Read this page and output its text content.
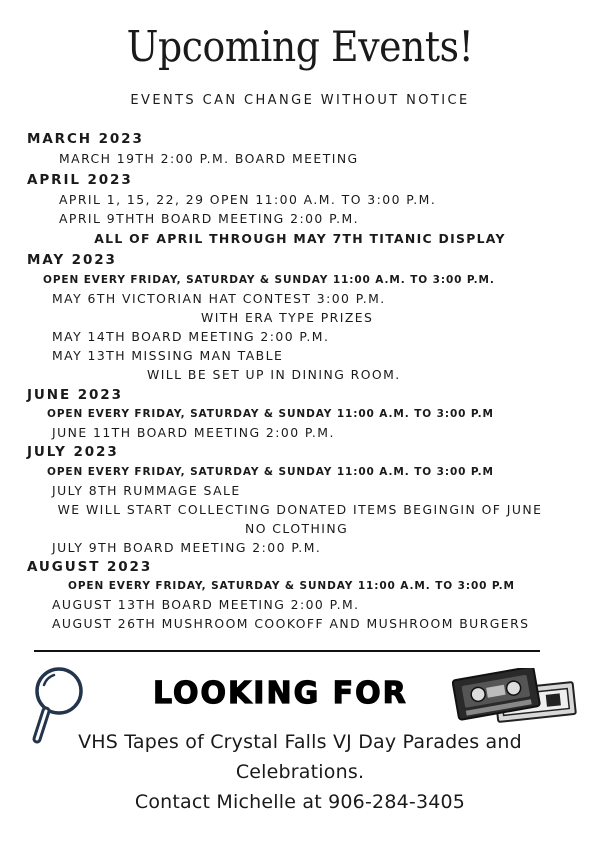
Upcoming Events!
EVENTS CAN CHANGE WITHOUT NOTICE
MARCH 2023
MARCH 19TH 2:00 P.M. BOARD MEETING
APRIL 2023
APRIL 1, 15, 22, 29 OPEN 11:00 A.M. TO 3:00 P.M.
APRIL 9THTH BOARD MEETING 2:00 P.M.
ALL OF APRIL THROUGH MAY 7TH TITANIC DISPLAY
MAY 2023
OPEN EVERY FRIDAY, SATURDAY & SUNDAY 11:00 A.M. TO 3:00 P.M.
MAY 6TH VICTORIAN HAT CONTEST 3:00 P.M.
WITH ERA TYPE PRIZES
MAY 14TH BOARD MEETING 2:00 P.M.
MAY 13TH MISSING MAN TABLE
WILL BE SET UP IN DINING ROOM.
JUNE 2023
OPEN EVERY FRIDAY, SATURDAY & SUNDAY 11:00 A.M. TO 3:00 P.M
JUNE 11TH BOARD MEETING 2:00 P.M.
JULY 2023
OPEN EVERY FRIDAY, SATURDAY & SUNDAY 11:00 A.M. TO 3:00 P.M
JULY 8TH RUMMAGE SALE
WE WILL START COLLECTING DONATED ITEMS BEGINGIN OF JUNE
NO CLOTHING
JULY 9TH BOARD MEETING 2:00 P.M.
AUGUST 2023
OPEN EVERY FRIDAY, SATURDAY & SUNDAY 11:00 A.M. TO 3:00 P.M
AUGUST 13TH BOARD MEETING 2:00 P.M.
AUGUST 26TH MUSHROOM COOKOFF AND MUSHROOM BURGERS
LOOKING FOR
VHS Tapes of Crystal Falls VJ Day Parades and
Celebrations.
Contact Michelle at 906-284-3405
